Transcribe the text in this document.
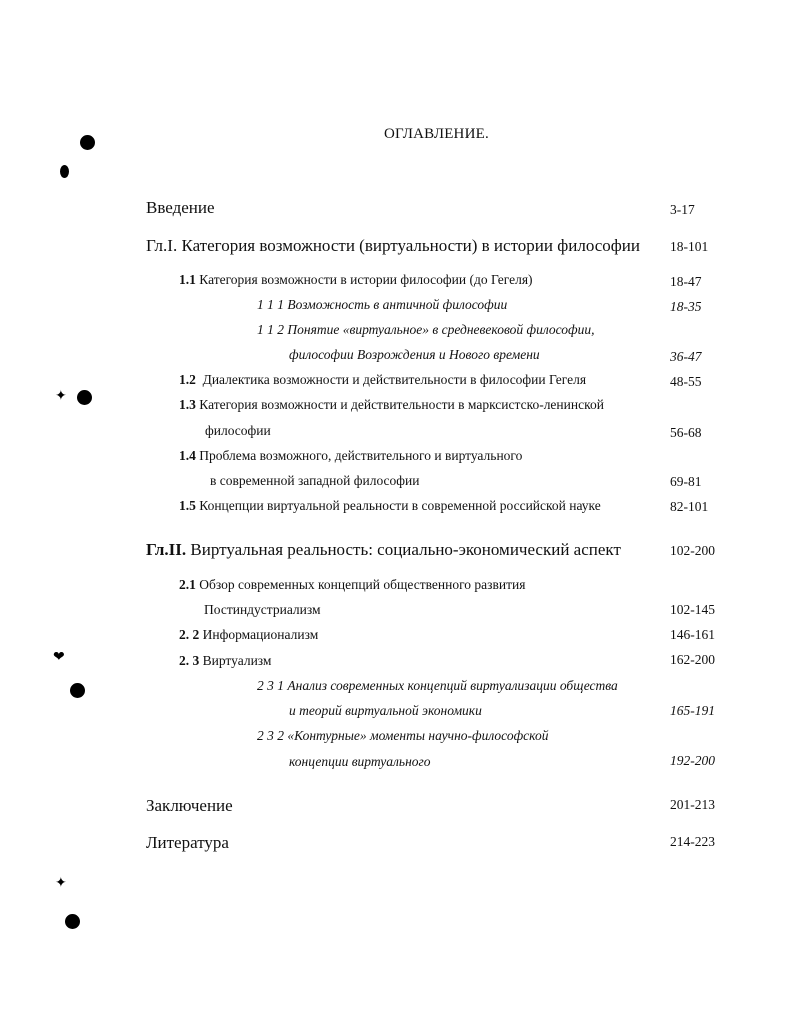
✦
❤
✦
ОГЛАВЛЕНИЕ.
Введение	3-17
Гл.I. Категория возможности (виртуальности) в истории философии 18-101
1.1 Категория возможности в истории философии (до Гегеля)	18-47
1 1 1 Возможность в античной философии	18-35
1 1 2 Понятие «виртуальное» в средневековой философии,
философии Возрождения и Нового времени	36-47
1.2 Диалектика возможности и действительности в философии Гегеля	48-55
1.3 Категория возможности и действительности в марксистско-ленинской
философии	56-68
1.4 Проблема возможного, действительного и виртуального
в современной западной философии	69-81
1.5 Концепции виртуальной реальности в современной российской науке	82-101
Гл.II. Виртуальная реальность: социально-экономический аспект	102-200
2.1 Обзор современных концепций общественного развития
Постиндустриализм	102-145
2. 2 Информационализм	146-161
2. 3 Виртуализм	162-200
2 3 1 Анализ современных концепций виртуализации общества
и теорий виртуальной экономики	165-191
2 3 2 «Контурные» моменты научно-философской
концепции виртуального	192-200
Заключение	201-213
Литература	214-223
